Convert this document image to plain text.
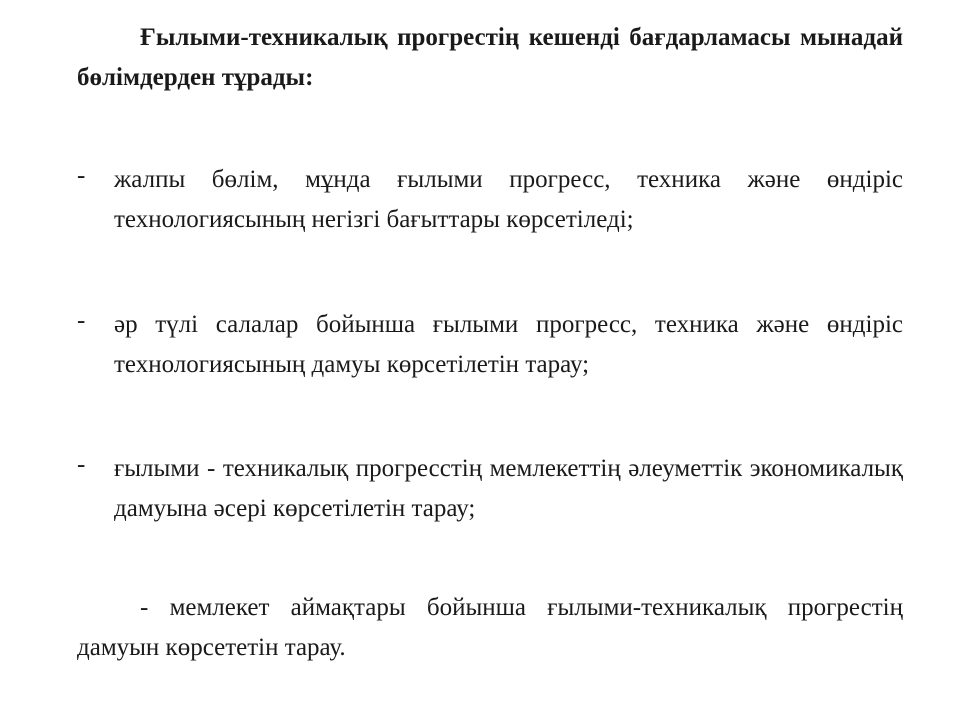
Ғылыми-техникалық прогрестің кешенді бағдарламасы мынадай бөлімдерден тұрады:
-	жалпы бөлім, мұнда ғылыми прогресс, техника және өндіріс технологиясының негізгі бағыттары көрсетіледі;
-	әр түлі салалар бойынша ғылыми прогресс, техника және өндіріс технологиясының дамуы көрсетілетін тарау;
-	ғылыми - техникалық прогресстің мемлекеттің әлеуметтік экономикалық дамуына әсері көрсетілетін тарау;
- мемлекет аймақтары бойынша ғылыми-техникалық прогрестің дамуын көрсететін тарау.
